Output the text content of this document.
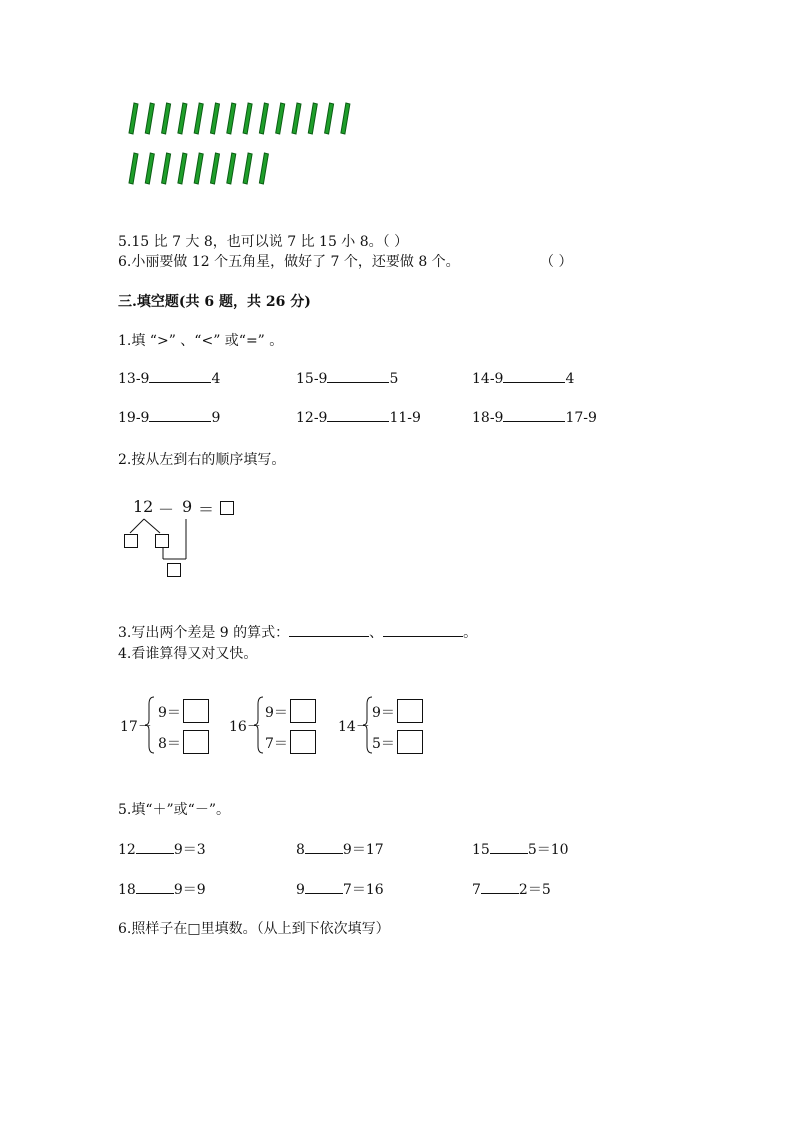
5.15 比 7 大 8，也可以说 7 比 15 小 8。（ ）
6.小丽要做 12 个五角星，做好了 7 个，还要做 8 个。	（ ）
三.填空题(共 6 题，共 26 分)
1.填 “>” 、“<” 或“=” 。
13-9	4	15-9	5	14-9	4
19-9	9	12-9	11-9	18-9	17-9
2.按从左到右的顺序填写。
12 － 9 ＝
3.写出两个差是 9 的算式：	、	。
4.看谁算得又对又快。
17－
9＝
8＝
16－
9＝
7＝
14－
9＝
5＝
5.填“＋”或“－”。
12	9＝3	8	9＝17	15	5＝10
18	9＝9	9	7＝16	7	2＝5
6.照样子在□里填数。（从上到下依次填写）
